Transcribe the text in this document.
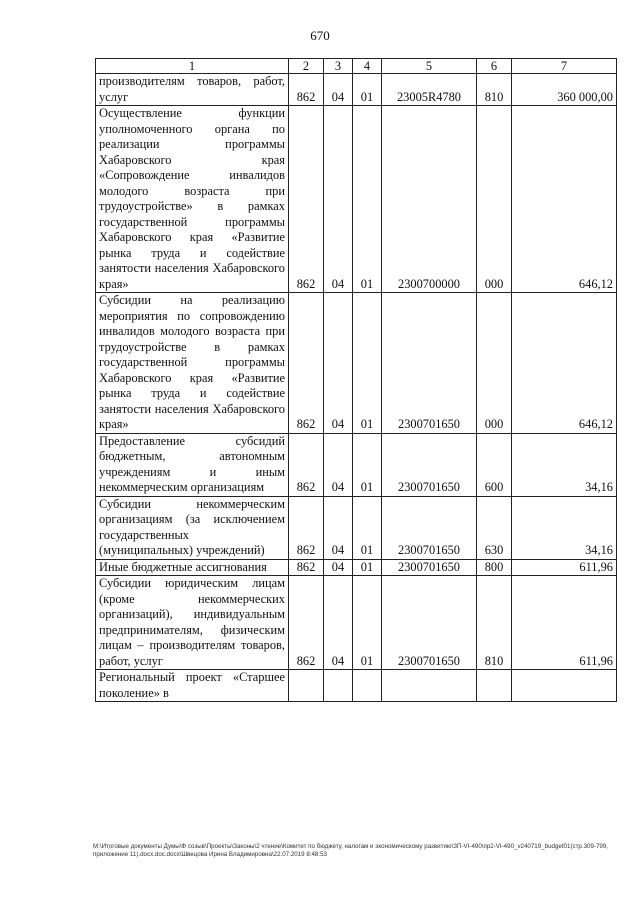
670
1	2	3	4	5	6	7
производителям товаров, работ, услуг	862	04	01	23005R4780	810	360 000,00
Осуществление функции уполномоченного органа по реализации программы Хабаровского края «Сопровождение инвалидов молодого возраста при трудоустройстве» в рамках государственной программы Хабаровского края «Развитие рынка труда и содействие занятости населения Хабаровского края»	862	04	01	2300700000	000	646,12
Субсидии на реализацию мероприятия по сопровождению инвалидов молодого возраста при трудоустройстве в рамках государственной программы Хабаровского края «Развитие рынка труда и содействие занятости населения Хабаровского края»	862	04	01	2300701650	000	646,12
Предоставление субсидий бюджетным, автономным учреждениям и иным некоммерческим организациям	862	04	01	2300701650	600	34,16
Субсидии некоммерческим организациям (за исключением государственных (муниципальных) учреждений)	862	04	01	2300701650	630	34,16
Иные бюджетные ассигнования	862	04	01	2300701650	800	611,96
Субсидии юридическим лицам (кроме некоммерческих организаций), индивидуальным предпринимателям, физическим лицам – производителям товаров, работ, услуг	862	04	01	2300701650	810	611,96
Региональный проект «Старшее поколение» в						
М:\Итоговые документы Думы\Ф созыв\Проекты\Законы\2 чтение\Комитет по бюджету, налогам и экономическому развитию\ЗП-VI-490\пр2-VI-490_v240719_budget01(стр.309-799, приложение 11).docx.doc.docx\Швецова Ирина Владимировна\22.07.2019 8:48:53
